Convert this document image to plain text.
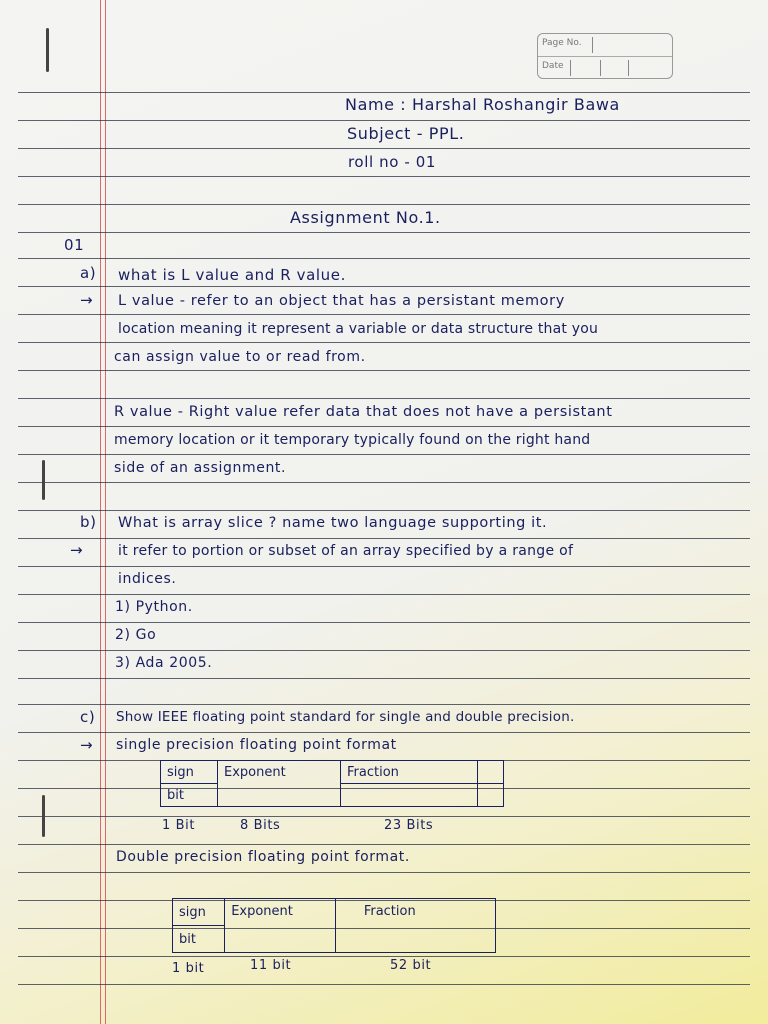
Page No.
Date
Name : Harshal Roshangir Bawa
Subject - PPL.
roll no - 01
Assignment No.1.
01
a) what is L value and R value.
→ L value - refer to an object that has a persistant memory
location meaning it represent a variable or data structure that you
can assign value to or read from.
R value - Right value refer data that does not have a persistant
memory location or it temporary typically found on the right hand
side of an assignment.
b) What is array slice ? name two language supporting it.
→ it refer to portion or subset of an array specified by a range of
indices.
1) Python.
2) Go
3) Ada 2005.
c) Show IEEE floating point standard for single and double precision.
→ single precision floating point format
sign	Exponent	Fraction	
bit			
1 Bit	8 Bits	23 Bits
Double precision floating point format.
sign	Exponent	Fraction
bit
1 bit	11 bit	52 bit
